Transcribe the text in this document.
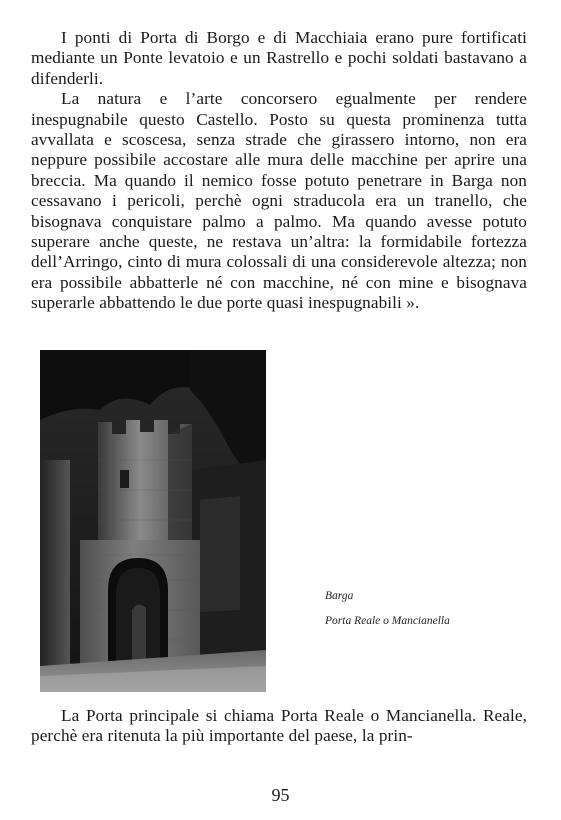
I ponti di Porta di Borgo e di Macchiaia erano pure fortificati mediante un Ponte levatoio e un Rastrello e pochi soldati bastavano a difenderli.

La natura e l’arte concorsero egualmente per rendere inespugnabile questo Castello. Posto su questa prominenza tutta avvallata e scoscesa, senza strade che girassero intorno, non era neppure possibile accostare alle mura delle macchine per aprire una breccia. Ma quando il nemico fosse potuto penetrare in Barga non cessavano i pericoli, perchè ogni straducola era un tranello, che bisognava conquistare palmo a palmo. Ma quando avesse potuto superare anche queste, ne restava un’altra: la formidabile fortezza dell’Arringo, cinto di mura colossali di una considerevole altezza; non era possibile abbatterle né con macchine, né con mine e bisognava superarle abbattendo le due porte quasi inespugnabili ».

Barga
Porta Reale o Mancianella

La Porta principale si chiama Porta Reale o Mancianella. Reale, perchè era ritenuta la più importante del paese, la prin-

95
